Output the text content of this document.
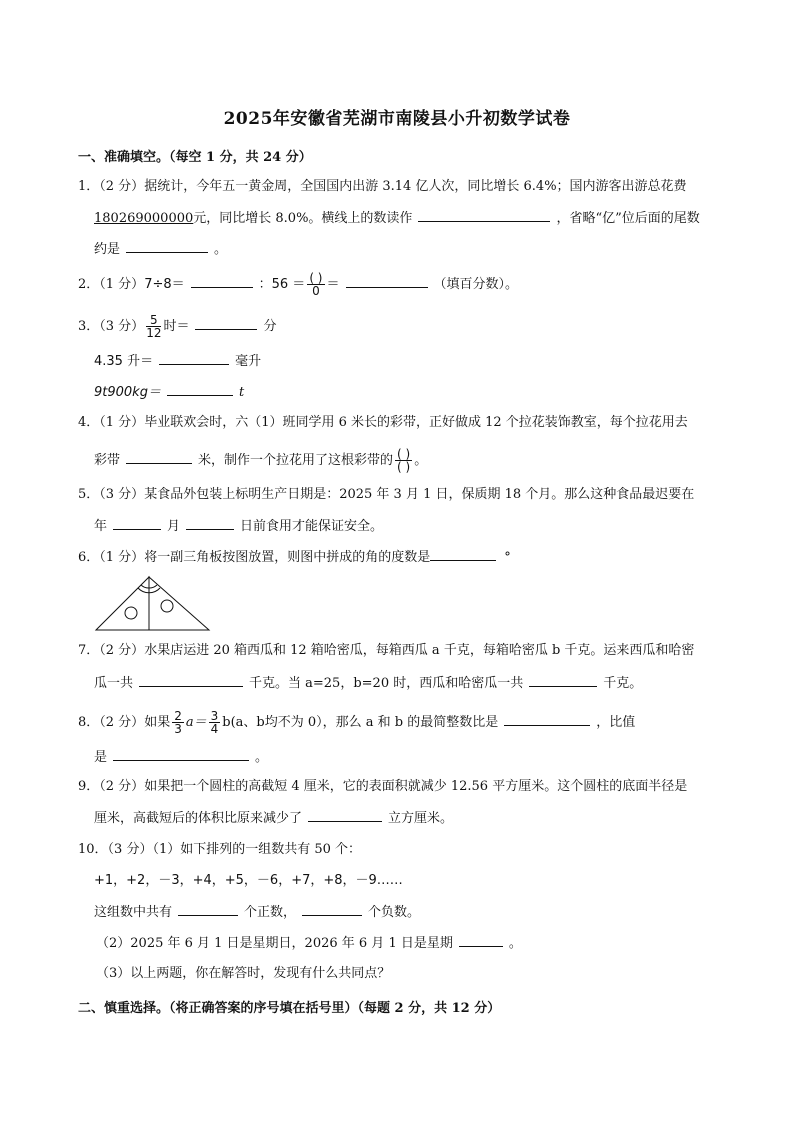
2025年安徽省芜湖市南陵县小升初数学试卷
一、准确填空。（每空 1 分，共 24 分）
1．（2 分）据统计，今年五一黄金周，全国国内出游 3.14 亿人次，同比增长 6.4%；国内游客出游总花费
180269000000元，同比增长 8.0%。横线上的数读作	，省略“亿”位后面的尾数
约是	。
2．（1 分）7÷8＝	：$56 = \frac{( )}{0}$ ＝	（填百分数）。
3．（3 分） $\frac{5}{12}$ 时＝	分
4.35 升＝	毫升
9t900kg＝	t
4．（1 分）毕业联欢会时，六（1）班同学用 6 米长的彩带，正好做成 12 个拉花装饰教室，每个拉花用去
彩带	米，制作一个拉花用了这根彩带的 $\frac{( )}{( )}$ 。
5．（3 分）某食品外包装上标明生产日期是：2025 年 3 月 1 日，保质期 18 个月。那么这种食品最迟要在
年	月	日前食用才能保证安全。
6．（1 分）将一副三角板按图放置，则图中拼成的角的度数是	°
7．（2 分）水果店运进 20 箱西瓜和 12 箱哈密瓜，每箱西瓜 a 千克，每箱哈密瓜 b 千克。运来西瓜和哈密
瓜一共	千克。当 a=25，b=20 时，西瓜和哈密瓜一共	千克。
8．（2 分）如果 $\frac{2}{3} a= \frac{3}{4} b(a$、b均不为 0），那么 a 和 b 的最简整数比是	，比值
是	。
9．（2 分）如果把一个圆柱的高截短 4 厘米，它的表面积就减少 12.56 平方厘米。这个圆柱的底面半径是
厘米，高截短后的体积比原来减少了	立方厘米。
10．（3 分）（1）如下排列的一组数共有 50 个：
+1，+2，－3，+4，+5，－6，+7，+8，－9……
这组数中共有	个正数，	个负数。
（2）2025 年 6 月 1 日是星期日，2026 年 6 月 1 日是星期	。
（3）以上两题，你在解答时，发现有什么共同点？
二、慎重选择。（将正确答案的序号填在括号里）（每题 2 分，共 12 分）
